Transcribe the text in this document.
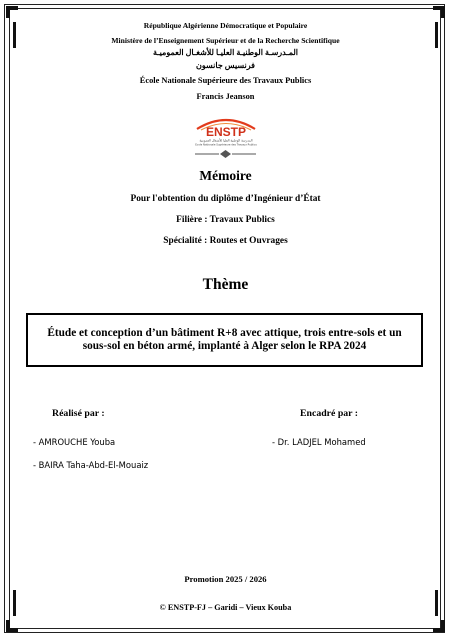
République Algérienne Démocratique et Populaire
Ministère de l’Enseignement Supérieur et de la Recherche Scientifique
المـدرسـة الوطنيـة العليـا للأشغـال العموميـة
فرنسيس جانسون
École Nationale Supérieure des Travaux Publics
Francis Jeanson
ENSTP
المدرسة الوطنية العليا للأشغال العمومية
Ecole Nationale Supérieure des Travaux Publics
Mémoire
Pour l'obtention du diplôme d’Ingénieur d’État
Filière : Travaux Publics
Spécialité : Routes et Ouvrages
Thème
Étude et conception d’un bâtiment R+8 avec attique, trois entre-sols et un sous-sol en béton armé, implanté à Alger selon le RPA 2024
Réalisé par :	Encadré par :
- AMROUCHE Youba
- BAIRA Taha-Abd-El-Mouaiz
- Dr. LADJEL Mohamed
Promotion 2025 / 2026
© ENSTP-FJ – Garidi – Vieux Kouba
